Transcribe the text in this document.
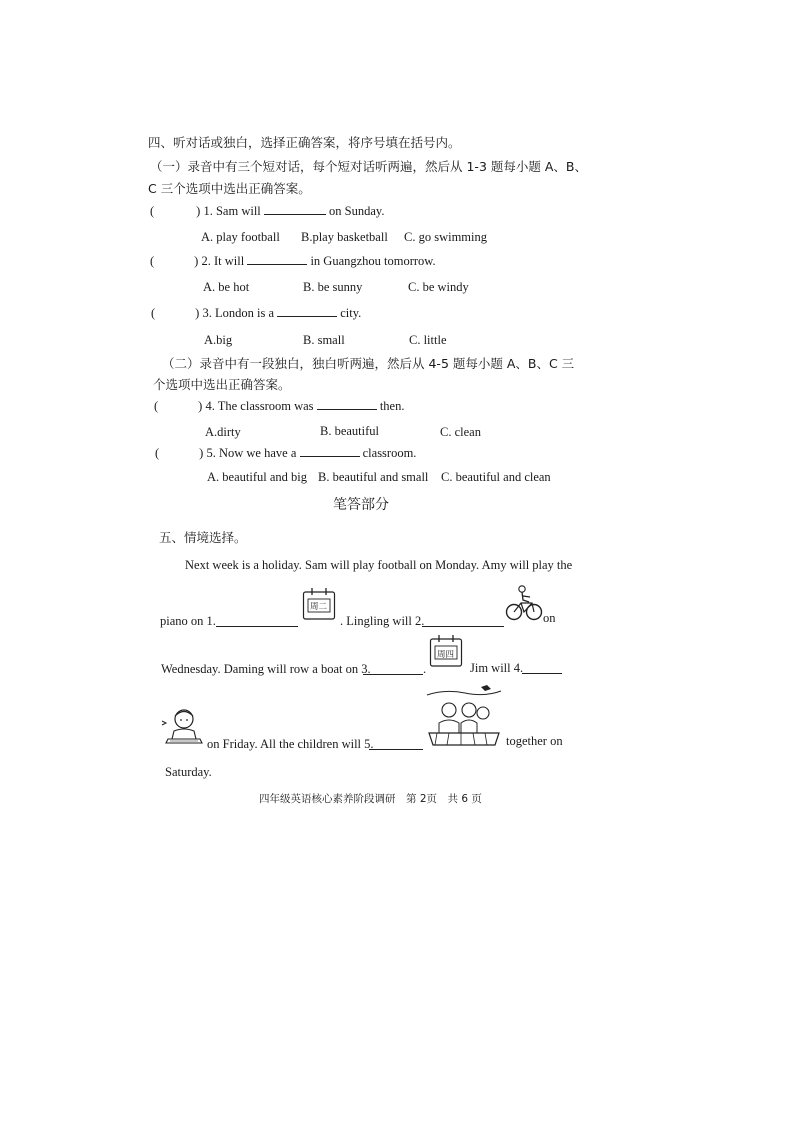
四、听对话或独白，选择正确答案，将序号填在括号内。
（一）录音中有三个短对话，每个短对话听两遍，然后从 1-3 题每小题 A、B、
C 三个选项中选出正确答案。
(	) 1. Sam will	on Sunday.
A. play football B.play basketball C. go swimming
(	) 2. It will	in Guangzhou tomorrow.
A. be hot	B. be sunny	C. be windy
(	) 3. London is a	city.
A.big	B. small	C. little
（二）录音中有一段独白，独白听两遍，然后从 4-5 题每小题 A、B、C 三
个选项中选出正确答案。
(	) 4. The classroom was	then.
A.dirty	B. beautiful	C. clean
(	) 5. Now we have a	classroom.
A. beautiful and big B. beautiful and small C. beautiful and clean
笔答部分
五、情境选择。
Next week is a holiday. Sam will play football on Monday. Amy will play the
piano on 1.
周二
. Lingling will 2.	on
Wednesday. Daming will row a boat on 3.	.
周四
Jim will 4.
on Friday. All the children will 5.	together on
Saturday.
四年级英语核心素养阶段调研　第 2页　共 6 页
